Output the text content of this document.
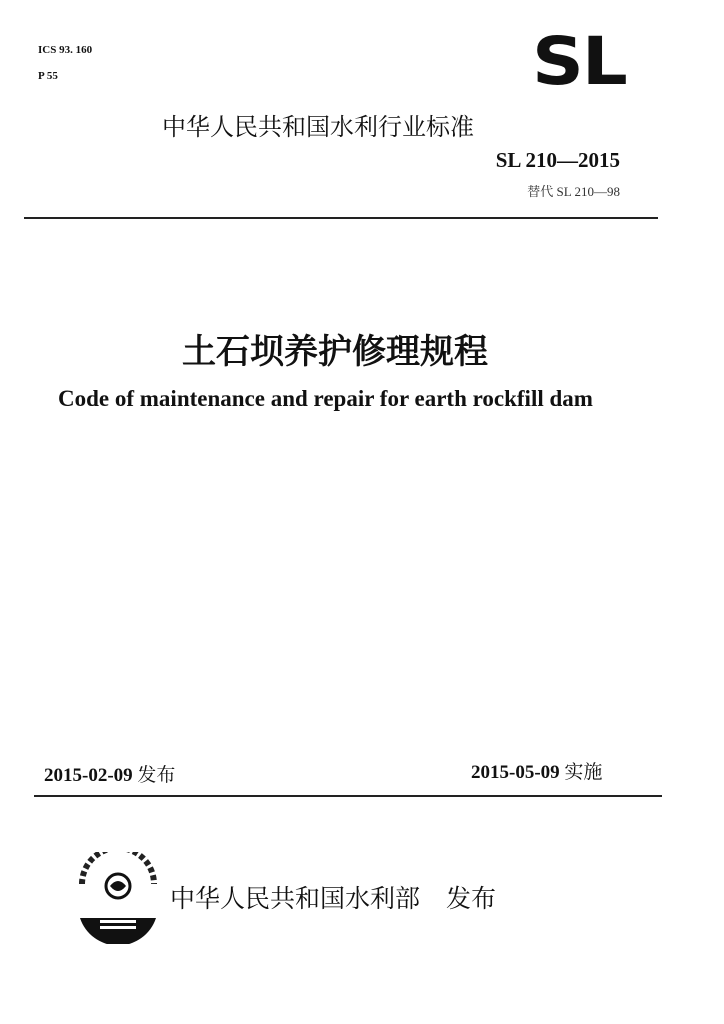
ICS 93. 160
P 55	SL
中华人民共和国水利行业标准
SL 210—2015
替代 SL 210—98
土石坝养护修理规程
Code of maintenance and repair for earth rockfill dam
2015-02-09 发布	2015-05-09 实施
中华人民共和国水利部 发布
